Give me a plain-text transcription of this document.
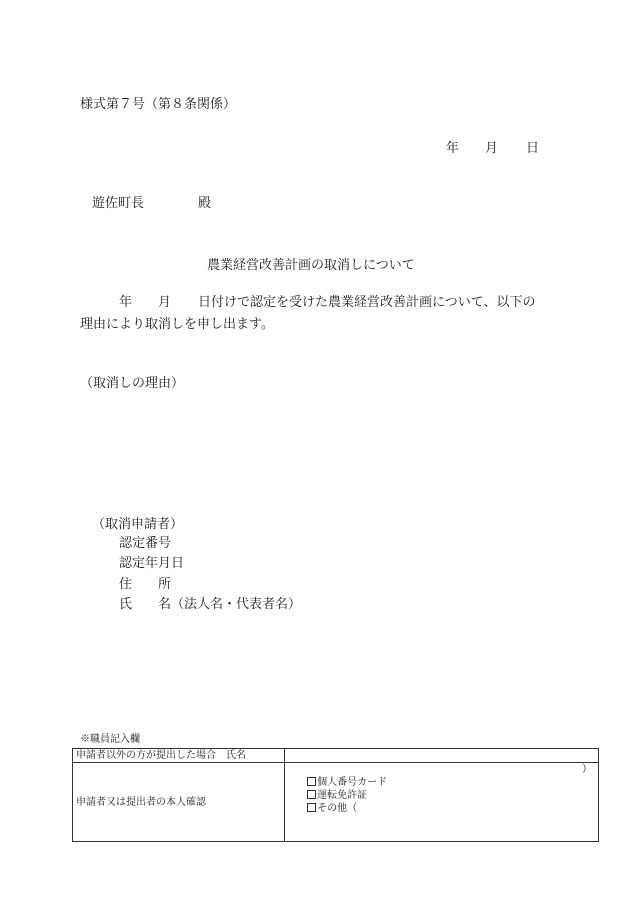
様式第７号（第８条関係）
年 月 日
遊佐町長	殿
農業経営改善計画の取消しについて
年 月 日付けで認定を受けた農業経営改善計画について、以下の
理由により取消しを申し出ます。
（取消しの理由）
（取消申請者）
認定番号
認定年月日
住　　所
氏　　名（法人名・代表者名）
※職員記入欄
申請者以外の方が提出した場合　氏名	
申請者又は提出者の本人確認	個人番号カード
運転免許証
その他（

）
